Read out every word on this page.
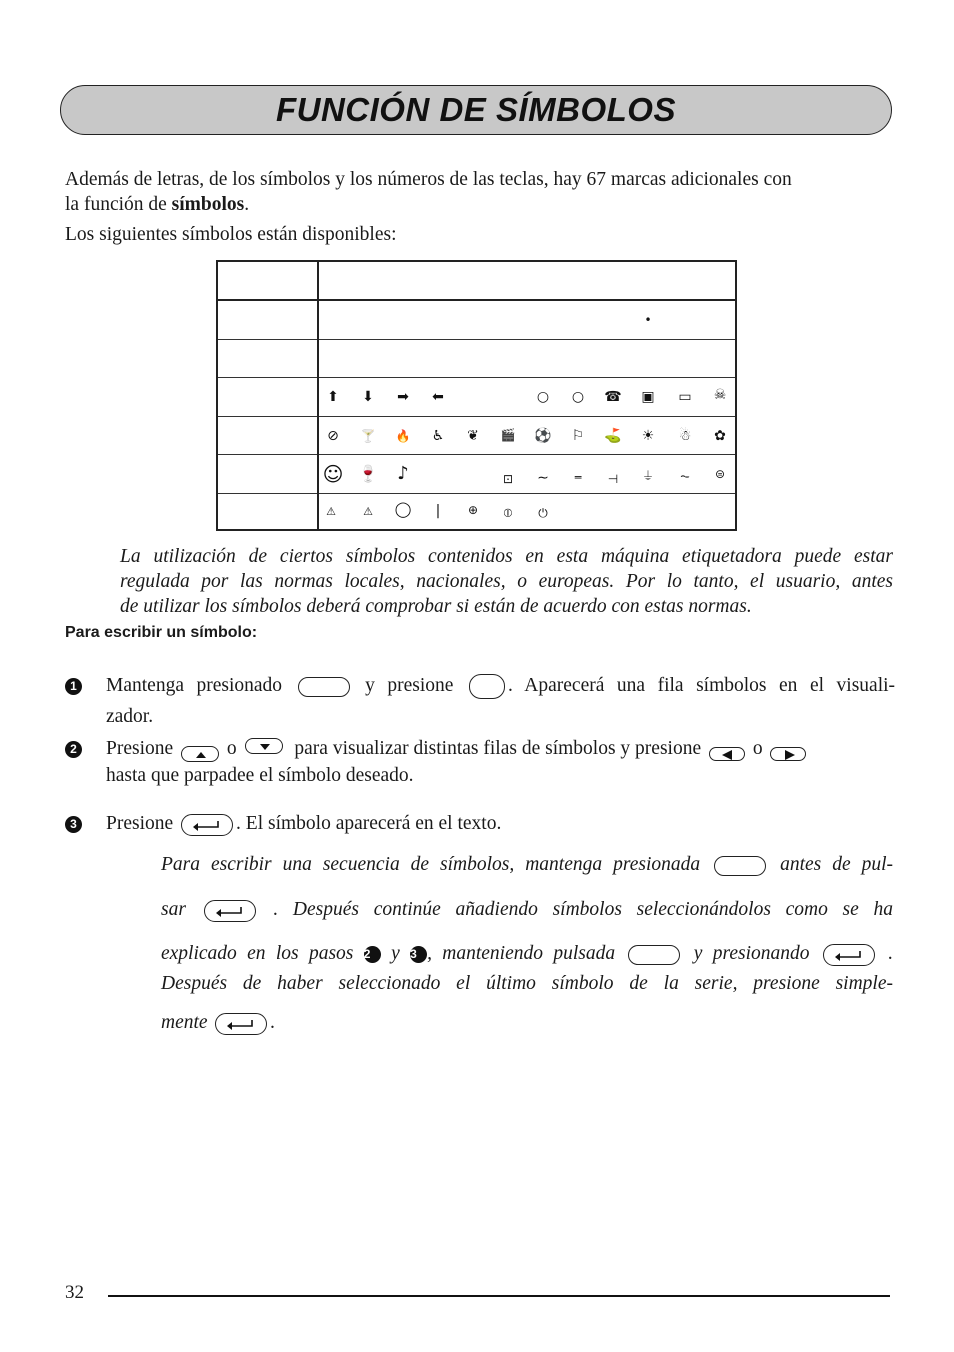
FUNCIÓN DE SÍMBOLOS
Además de letras, de los símbolos y los números de las teclas, hay 67 marcas adicionales con
la función de símbolos.
Los siguientes símbolos están disponibles:
•
⬆ ⬇ ➡ ⬅	○ ○ ☎ ▣ ▭ ☠
⊘ 🍸 🔥 ♿ ❦ 🎬 ⚽ ⚐ ⛳ ☀ ☃ ✿
☺ 🍷 ♪	⊡ ∼ ═ ⊣ ⏚ ⏦ ⊜
⚠ ⚠ ◯ | ⊕ ⦶ ⏻
La utilización de ciertos símbolos contenidos en esta máquina etiquetadora puede estar
regulada por las normas locales, nacionales, o europeas. Por lo tanto, el usuario, antes
de utilizar los símbolos deberá comprobar si están de acuerdo con estas normas.
Para escribir un símbolo:
1 Mantenga presionado	y presione	. Aparecerá una fila símbolos en el visuali-
zador.
2 Presione	o	para visualizar distintas filas de símbolos y presione	o
hasta que parpadee el símbolo deseado.
3 Presione	. El símbolo aparecerá en el texto.
Para escribir una secuencia de símbolos, mantenga presionada	antes de pul-
sar	. Después continúe añadiendo símbolos seleccionándolos como se ha
explicado en los pasos 2 y 3 , manteniendo pulsada	y presionando	.
Después de haber seleccionado el último símbolo de la serie, presione simple-
mente	.
32
